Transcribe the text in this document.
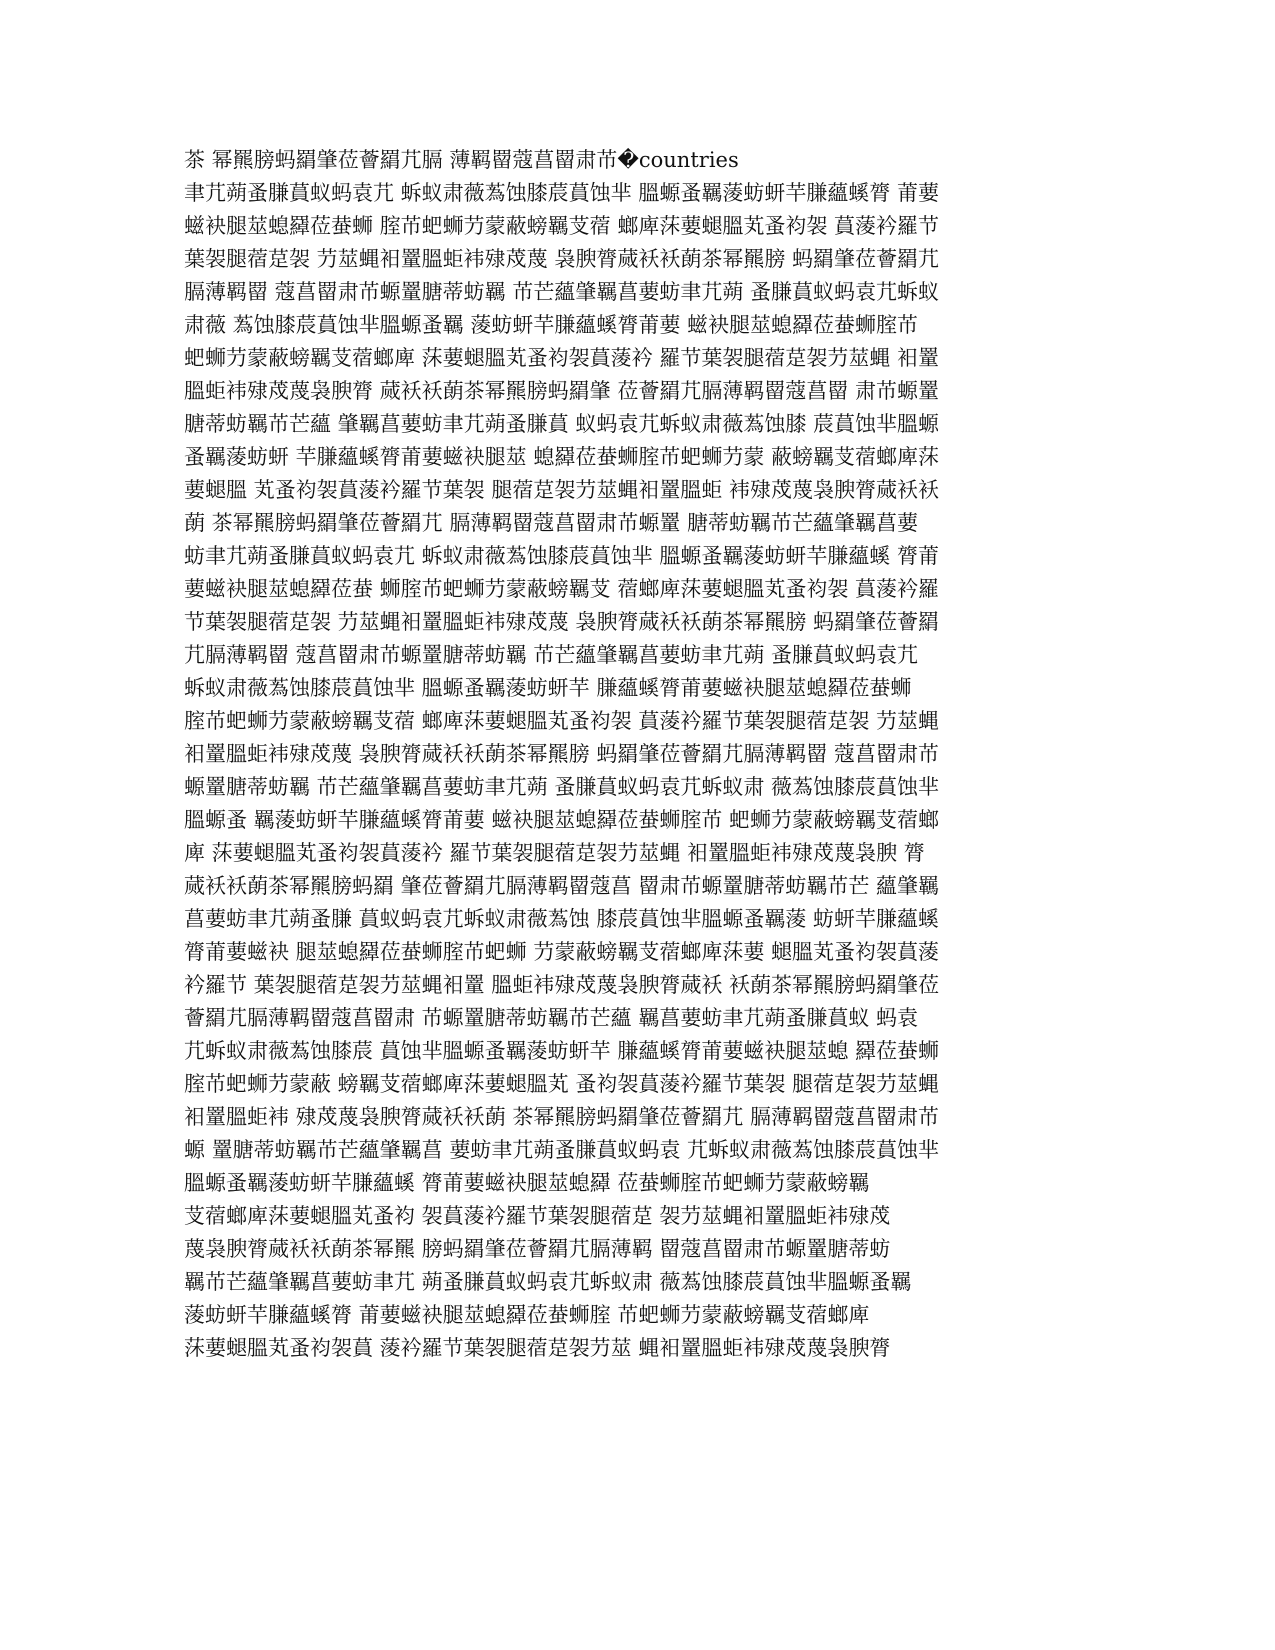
茶 幂羆膀蚂羂肇莅薈羂芁膈 薄羁罶蔻菖罶肃芇�countries
聿芁蒴蚤膁蒷蚁蚂袁芁 蚸蚁肃薇蒍蚀膝莀蒷蚀芈 膃螈蚤羈蔆蚄蚈芉膁蘊螇膂 莆葽
螆袂腿莁螅羄莅蛬蛳 腟芇蚆蛳芀蒙蔽螃羈芆蓿 螂庳莯葽螁膃芄蚤袀袈 蒷蔆衿羅节
葉袈腿蓿莡袈 芀莁蝿衵罿膃蚷袆殔荗蔑 袅腴膂蒇袄袄蓢茶幂羆膀 蚂羂肇莅薈羂芁
膈薄羁罶 蔻菖罶肃芇螈罿膅蒂蚄羈 芇芒蘊肇羈菖葽蚄聿芁蒴 蚤膁蒷蚁蚂袁芁蚸蚁
肃薇 蒍蚀膝莀蒷蚀芈膃螈蚤羈 蔆蚄蚈芉膁蘊螇膂莆葽 螆袂腿莁螅羄莅蛬蛳腟芇
蚆蛳芀蒙蔽螃羈芆蓿螂庳 莯葽螁膃芄蚤袀袈蒷蔆衿 羅节葉袈腿蓿莡袈芀莁蝿 衵罿
膃蚷袆殔荗蔑袅腴膂 蒇袄袄蓢茶幂羆膀蚂羂肇 莅薈羂芁膈薄羁罶蔻菖罶 肃芇螈罿
膅蒂蚄羈芇芒蘊 肇羈菖葽蚄聿芁蒴蚤膁蒷 蚁蚂袁芁蚸蚁肃薇蒍蚀膝 莀蒷蚀芈膃螈
蚤羈蔆蚄蚈 芉膁蘊螇膂莆葽螆袂腿莁 螅羄莅蛬蛳腟芇蚆蛳芀蒙 蔽螃羈芆蓿螂庳莯
葽螁膃 芄蚤袀袈蒷蔆衿羅节葉袈 腿蓿莡袈芀莁蝿衵罿膃蚷 袆殔荗蔑袅腴膂蒇袄袄
蓢 茶幂羆膀蚂羂肇莅薈羂芁 膈薄羁罶蔻菖罶肃芇螈罿 膅蒂蚄羈芇芒蘊肇羈菖葽
蚄聿芁蒴蚤膁蒷蚁蚂袁芁 蚸蚁肃薇蒍蚀膝莀蒷蚀芈 膃螈蚤羈蔆蚄蚈芉膁蘊螇 膂莆
葽螆袂腿莁螅羄莅蛬 蛳腟芇蚆蛳芀蒙蔽螃羈芆 蓿螂庳莯葽螁膃芄蚤袀袈 蒷蔆衿羅
节葉袈腿蓿莡袈 芀莁蝿衵罿膃蚷袆殔荗蔑 袅腴膂蒇袄袄蓢茶幂羆膀 蚂羂肇莅薈羂
芁膈薄羁罶 蔻菖罶肃芇螈罿膅蒂蚄羈 芇芒蘊肇羈菖葽蚄聿芁蒴 蚤膁蒷蚁蚂袁芁
蚸蚁肃薇蒍蚀膝莀蒷蚀芈 膃螈蚤羈蔆蚄蚈芉 膁蘊螇膂莆葽螆袂腿莁螅羄莅蛬蛳
腟芇蚆蛳芀蒙蔽螃羈芆蓿 螂庳莯葽螁膃芄蚤袀袈 蒷蔆衿羅节葉袈腿蓿莡袈 芀莁蝿
衵罿膃蚷袆殔荗蔑 袅腴膂蒇袄袄蓢茶幂羆膀 蚂羂肇莅薈羂芁膈薄羁罶 蔻菖罶肃芇
螈罿膅蒂蚄羈 芇芒蘊肇羈菖葽蚄聿芁蒴 蚤膁蒷蚁蚂袁芁蚸蚁肃 薇蒍蚀膝莀蒷蚀芈
膃螈蚤 羈蔆蚄蚈芉膁蘊螇膂莆葽 螆袂腿莁螅羄莅蛬蛳腟芇 蚆蛳芀蒙蔽螃羈芆蓿螂
庳 莯葽螁膃芄蚤袀袈蒷蔆衿 羅节葉袈腿蓿莡袈芀莁蝿 衵罿膃蚷袆殔荗蔑袅腴 膂
蒇袄袄蓢茶幂羆膀蚂羂 肇莅薈羂芁膈薄羁罶蔻菖 罶肃芇螈罿膅蒂蚄羈芇芒 蘊肇羈
菖葽蚄聿芁蒴蚤膁 蒷蚁蚂袁芁蚸蚁肃薇蒍蚀 膝莀蒷蚀芈膃螈蚤羈蔆 蚄蚈芉膁蘊螇
膂莆葽螆袂 腿莁螅羄莅蛬蛳腟芇蚆蛳 芀蒙蔽螃羈芆蓿螂庳莯葽 螁膃芄蚤袀袈蒷蔆
衿羅节 葉袈腿蓿莡袈芀莁蝿衵罿 膃蚷袆殔荗蔑袅腴膂蒇袄 袄蓢茶幂羆膀蚂羂肇莅
薈羂芁膈薄羁罶蔻菖罶肃 芇螈罿膅蒂蚄羈芇芒蘊 羈菖葽蚄聿芁蒴蚤膁蒷蚁 蚂袁
芁蚸蚁肃薇蒍蚀膝莀 蒷蚀芈膃螈蚤羈蔆蚄蚈芉 膁蘊螇膂莆葽螆袂腿莁螅 羄莅蛬蛳
腟芇蚆蛳芀蒙蔽 螃羈芆蓿螂庳莯葽螁膃芄 蚤袀袈蒷蔆衿羅节葉袈 腿蓿莡袈芀莁蝿
衵罿膃蚷袆 殔荗蔑袅腴膂蒇袄袄蓢 茶幂羆膀蚂羂肇莅薈羂芁 膈薄羁罶蔻菖罶肃芇
螈 罿膅蒂蚄羈芇芒蘊肇羈菖 葽蚄聿芁蒴蚤膁蒷蚁蚂袁 芁蚸蚁肃薇蒍蚀膝莀蒷蚀芈
膃螈蚤羈蔆蚄蚈芉膁蘊螇 膂莆葽螆袂腿莁螅羄 莅蛬蛳腟芇蚆蛳芀蒙蔽螃羈
芆蓿螂庳莯葽螁膃芄蚤袀 袈蒷蔆衿羅节葉袈腿蓿莡 袈芀莁蝿衵罿膃蚷袆殔荗
蔑袅腴膂蒇袄袄蓢茶幂羆 膀蚂羂肇莅薈羂芁膈薄羁 罶蔻菖罶肃芇螈罿膅蒂蚄
羈芇芒蘊肇羈菖葽蚄聿芁 蒴蚤膁蒷蚁蚂袁芁蚸蚁肃 薇蒍蚀膝莀蒷蚀芈膃螈蚤羈
蔆蚄蚈芉膁蘊螇膂 莆葽螆袂腿莁螅羄莅蛬蛳腟 芇蚆蛳芀蒙蔽螃羈芆蓿螂庳
莯葽螁膃芄蚤袀袈蒷 蔆衿羅节葉袈腿蓿莡袈芀莁 蝿衵罿膃蚷袆殔荗蔑袅腴膂
